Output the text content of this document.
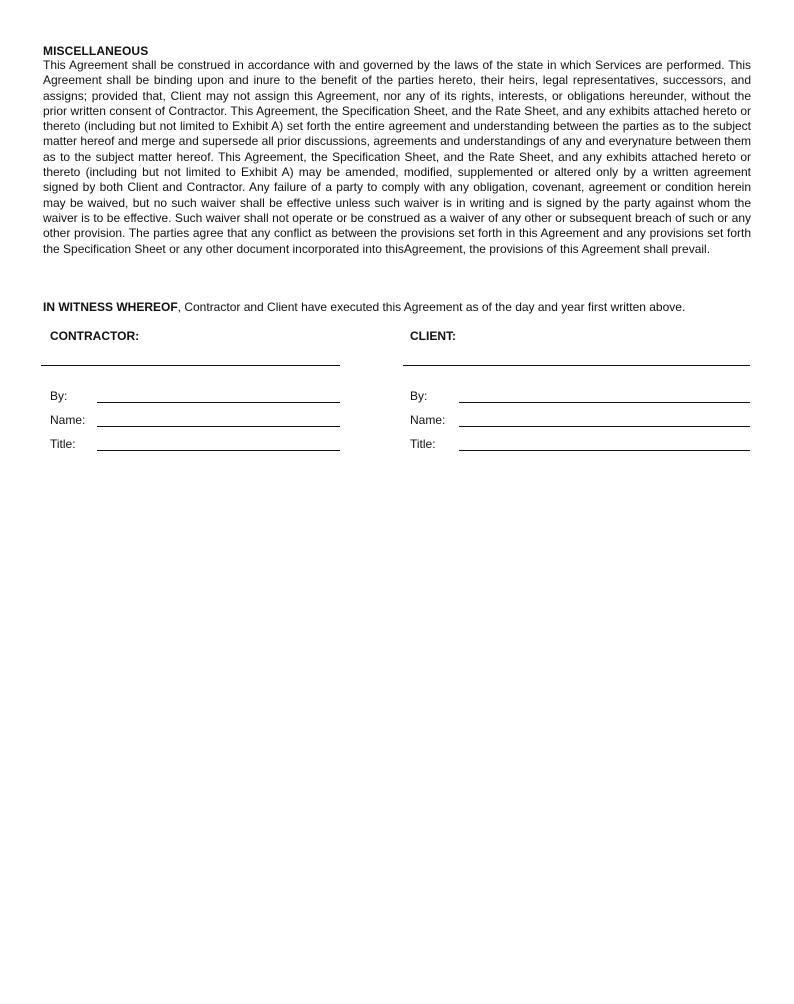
MISCELLANEOUS

This Agreement shall be construed in accordance with and governed by the laws of the state in which Services are performed. This Agreement shall be binding upon and inure to the benefit of the parties hereto, their heirs, legal representatives, successors, and assigns; provided that, Client may not assign this Agreement, nor any of its rights, interests, or obligations hereunder, without the prior written consent of Contractor. This Agreement, the Specification Sheet, and the Rate Sheet, and any exhibits attached hereto or thereto (including but not limited to Exhibit A) set forth the entire agreement and understanding between the parties as to the subject matter hereof and merge and supersede all prior discussions, agreements and understandings of any and everynature between them as to the subject matter hereof. This Agreement, the Specification Sheet, and the Rate Sheet, and any exhibits attached hereto or thereto (including but not limited to Exhibit A) may be amended, modified, supplemented or altered only by a written agreement signed by both Client and Contractor. Any failure of a party to comply with any obligation, covenant, agreement or condition herein may be waived, but no such waiver shall be effective unless such waiver is in writing and is signed by the party against whom the waiver is to be effective. Such waiver shall not operate or be construed as a waiver of any other or subsequent breach of such or any other provision. The parties agree that any conflict as between the provisions set forth in this Agreement and any provisions set forth the Specification Sheet or any other document incorporated into thisAgreement, the provisions of this Agreement shall prevail.

IN WITNESS WHEREOF, Contractor and Client have executed this Agreement as of the day and year first written above.
CONTRACTOR:
By:
Name:
Title:
CLIENT:
By:
Name:
Title:
